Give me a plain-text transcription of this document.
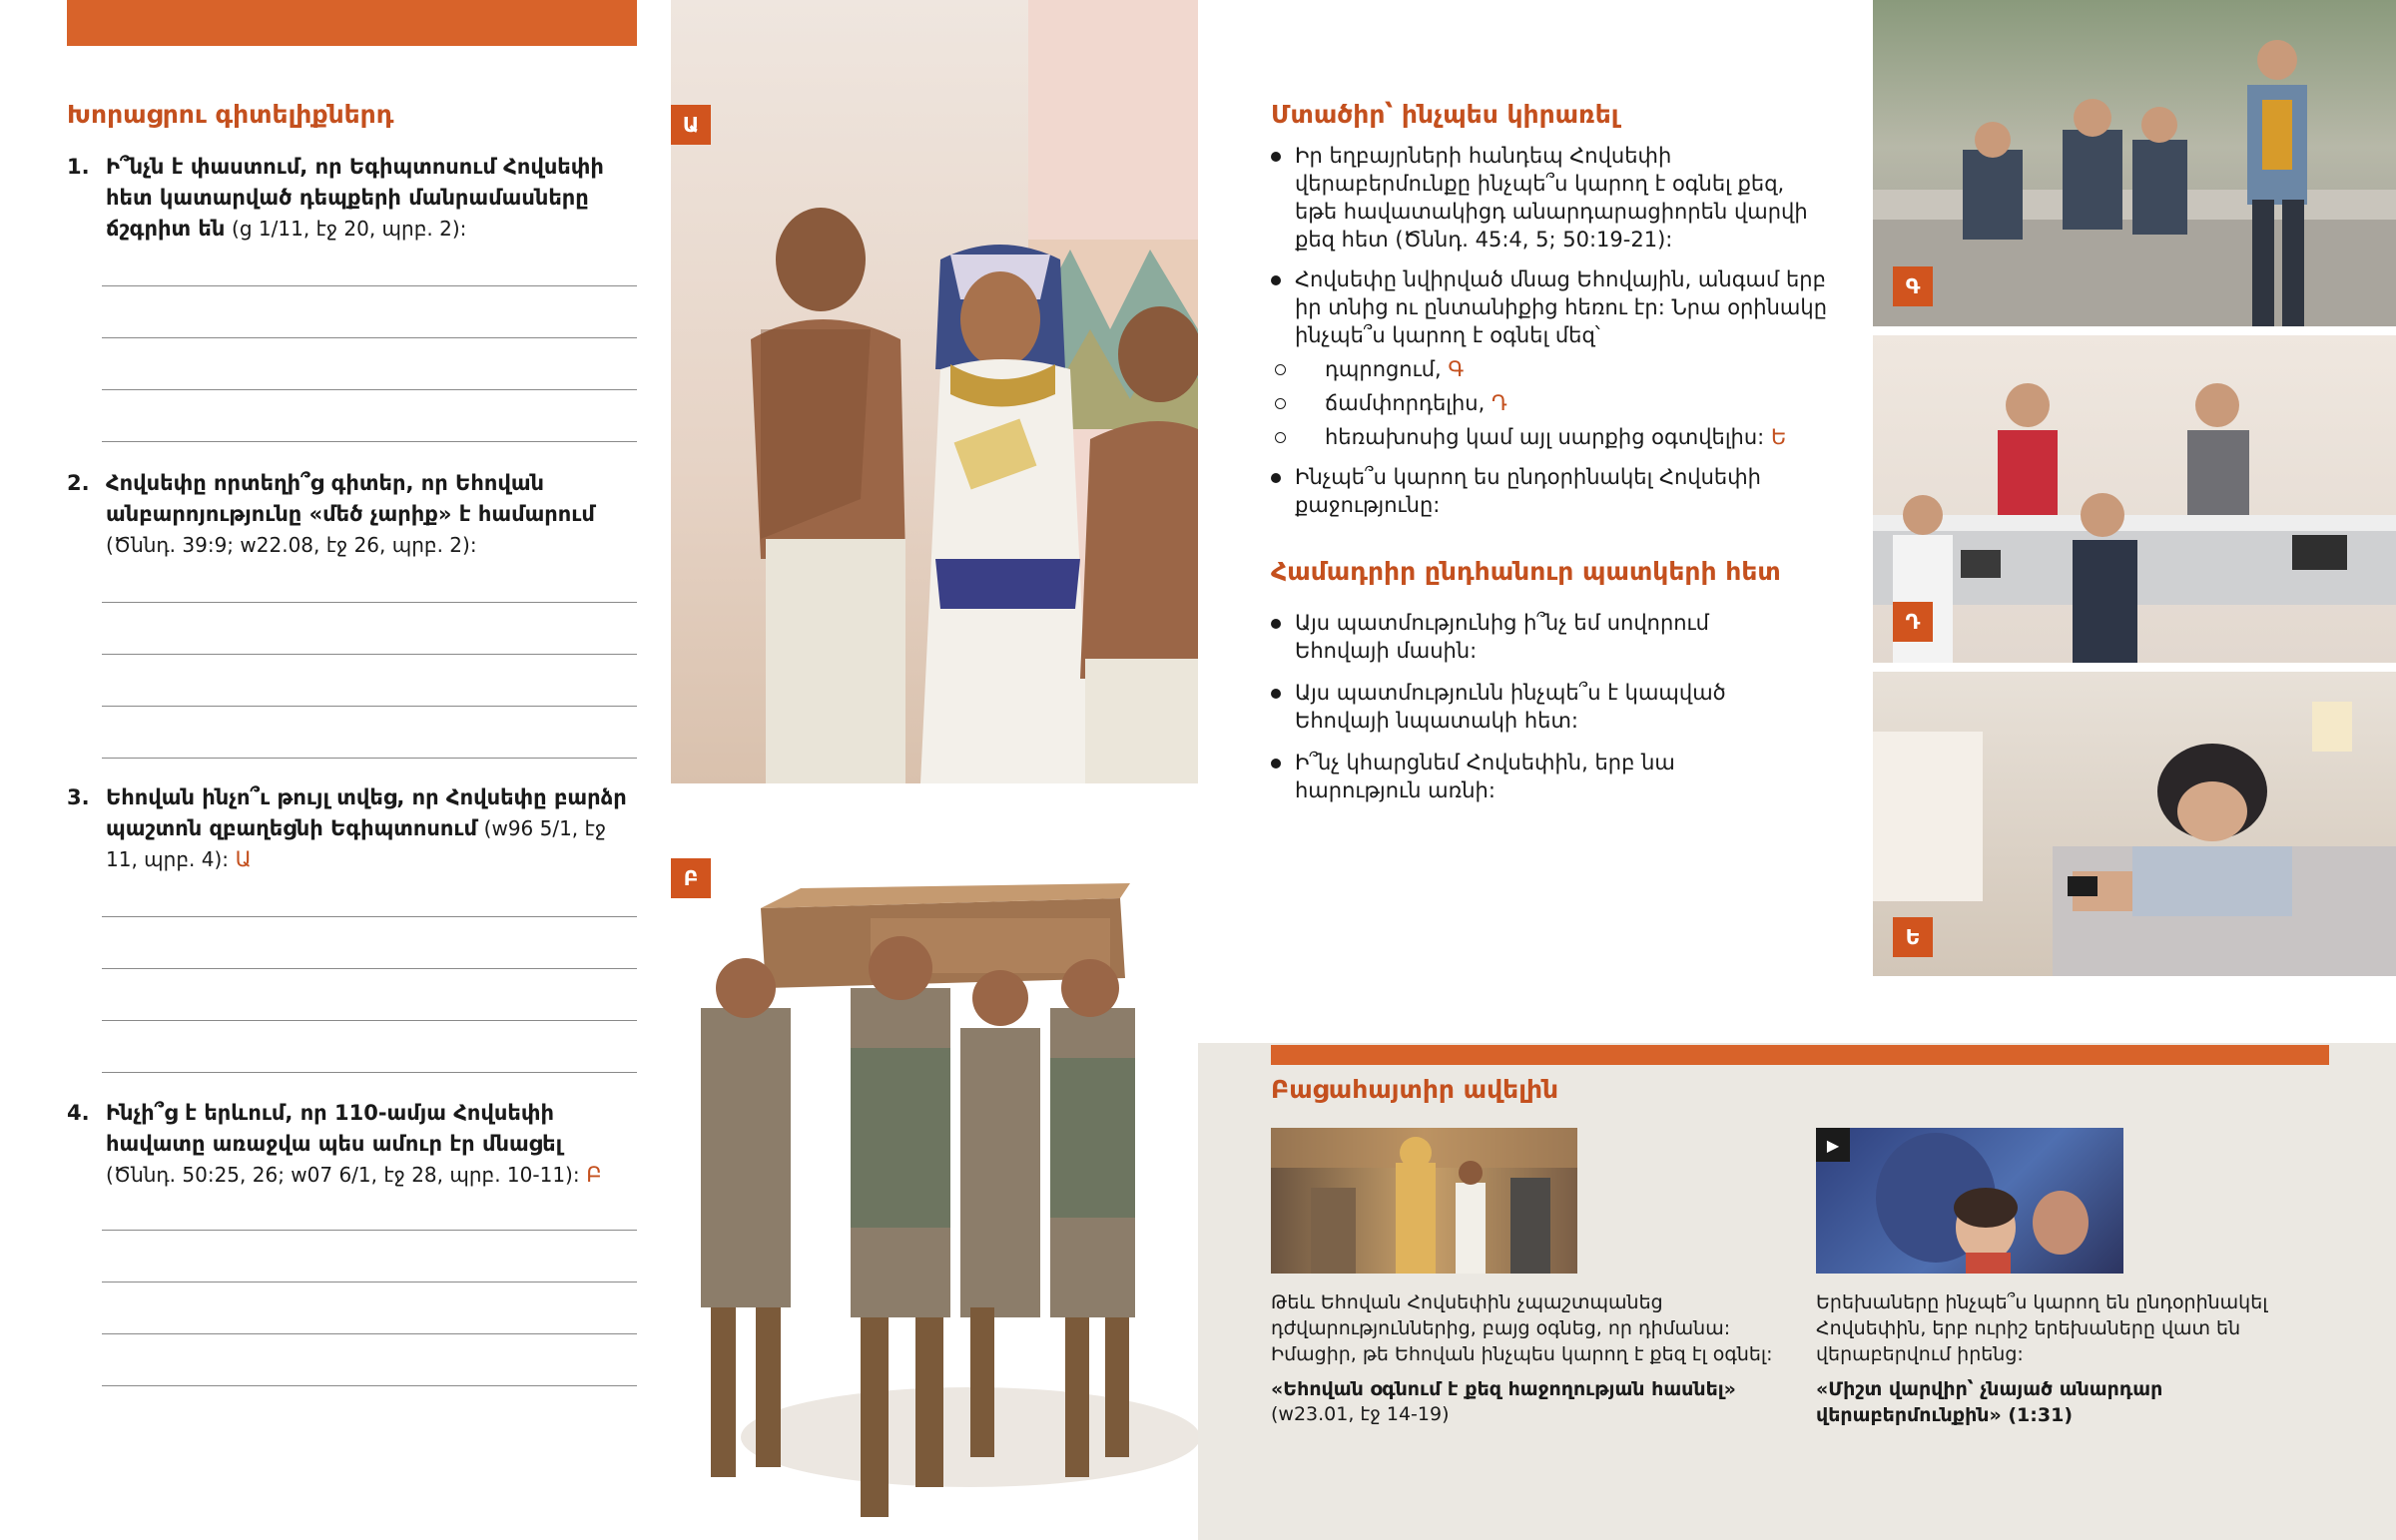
Խորացրու գիտելիքներդ
1. Ի՞նչն է փաստում, որ Եգիպտոսում Հովսեփի հետ կատարված դեպքերի մանրամասները ճշգրիտ են (g 1/11, էջ 20, պրբ. 2):
2. Հովսեփը որտեղի՞ց գիտեր, որ Եհովան անբարոյությունը «մեծ չարիք» է համարում (Ծննդ. 39:9; w22.08, էջ 26, պրբ. 2):
3. Եհովան ինչո՞ւ թույլ տվեց, որ Հովսեփը բարձր պաշտոն զբաղեցնի Եգիպտոսում (w96 5/1, էջ 11, պրբ. 4): Ա
4. Ինչի՞ց է երևում, որ 110-ամյա Հովսեփի հավատը առաջվա պես ամուր էր մնացել (Ծննդ. 50:25, 26; w07 6/1, էջ 28, պրբ. 10-11): Բ
Ա
Բ
Մտածիր՝ ինչպես կիրառել
Իր եղբայրների հանդեպ Հովսեփի վերաբերմունքը ինչպե՞ս կարող է օգնել քեզ, եթե հավատակիցդ անարդարացիորեն վարվի քեզ հետ (Ծննդ. 45:4, 5; 50:19-21):
Հովսեփը նվիրված մնաց Եհովային, անգամ երբ իր տնից ու ընտանիքից հեռու էր: Նրա օրինակը ինչպե՞ս կարող է օգնել մեզ՝
դպրոցում, Գ
ճամփորդելիս, Դ
հեռախոսից կամ այլ սարքից օգտվելիս: Ե
Ինչպե՞ս կարող ես ընդօրինակել Հովսեփի քաջությունը:
Համադրիր ընդհանուր պատկերի հետ
Այս պատմությունից ի՞նչ եմ սովորում Եհովայի մասին:
Այս պատմությունն ինչպե՞ս է կապված Եհովայի նպատակի հետ:
Ի՞նչ կհարցնեմ Հովսեփին, երբ նա հարություն առնի:
Գ
Դ
Ե
Բացահայտիր ավելին
Թեև Եհովան Հովսեփին չպաշտպանեց դժվարություններից, բայց օգնեց, որ դիմանա: Իմացիր, թե Եհովան ինչպես կարող է քեզ էլ օգնել:
«Եհովան օգնում է քեզ հաջողության հասնել»
(w23.01, էջ 14-19)
▶
Երեխաները ինչպե՞ս կարող են ընդօրինակել Հովսեփին, երբ ուրիշ երեխաները վատ են վերաբերվում իրենց:
«Միշտ վարվիր՝ չնայած անարդար վերաբերմունքին» (1:31)
